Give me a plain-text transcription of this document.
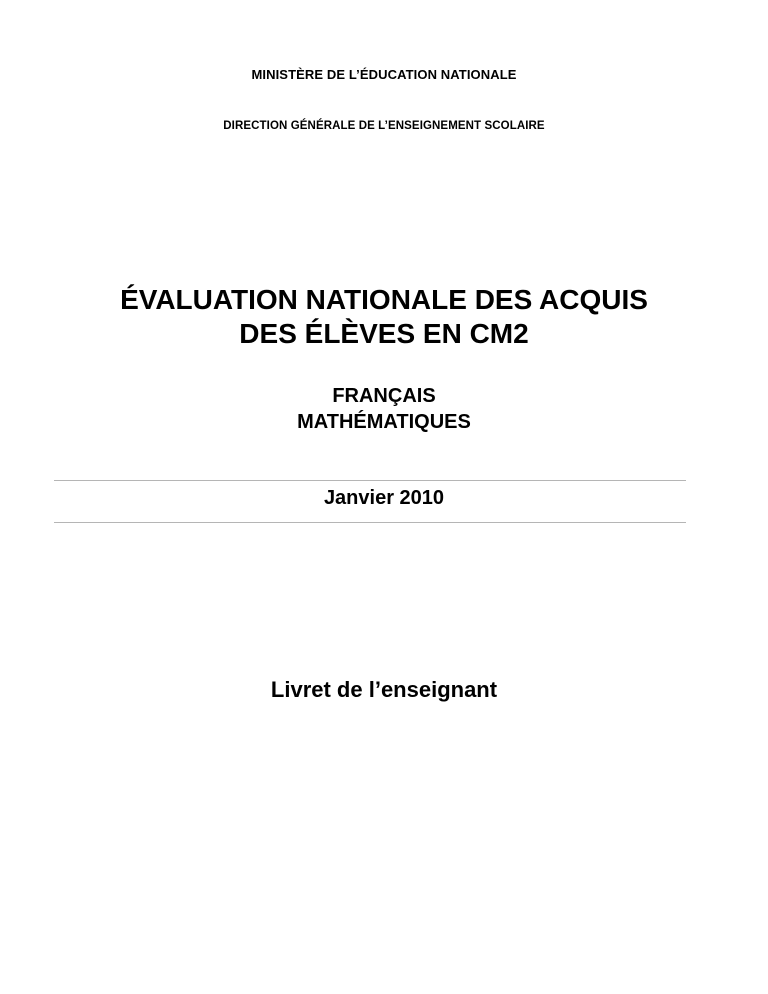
MINISTÈRE DE L’ÉDUCATION NATIONALE
DIRECTION GÉNÉRALE DE L’ENSEIGNEMENT SCOLAIRE
ÉVALUATION NATIONALE DES ACQUIS
DES ÉLÈVES EN CM2
FRANÇAIS
MATHÉMATIQUES
Janvier 2010
Livret de l’enseignant
